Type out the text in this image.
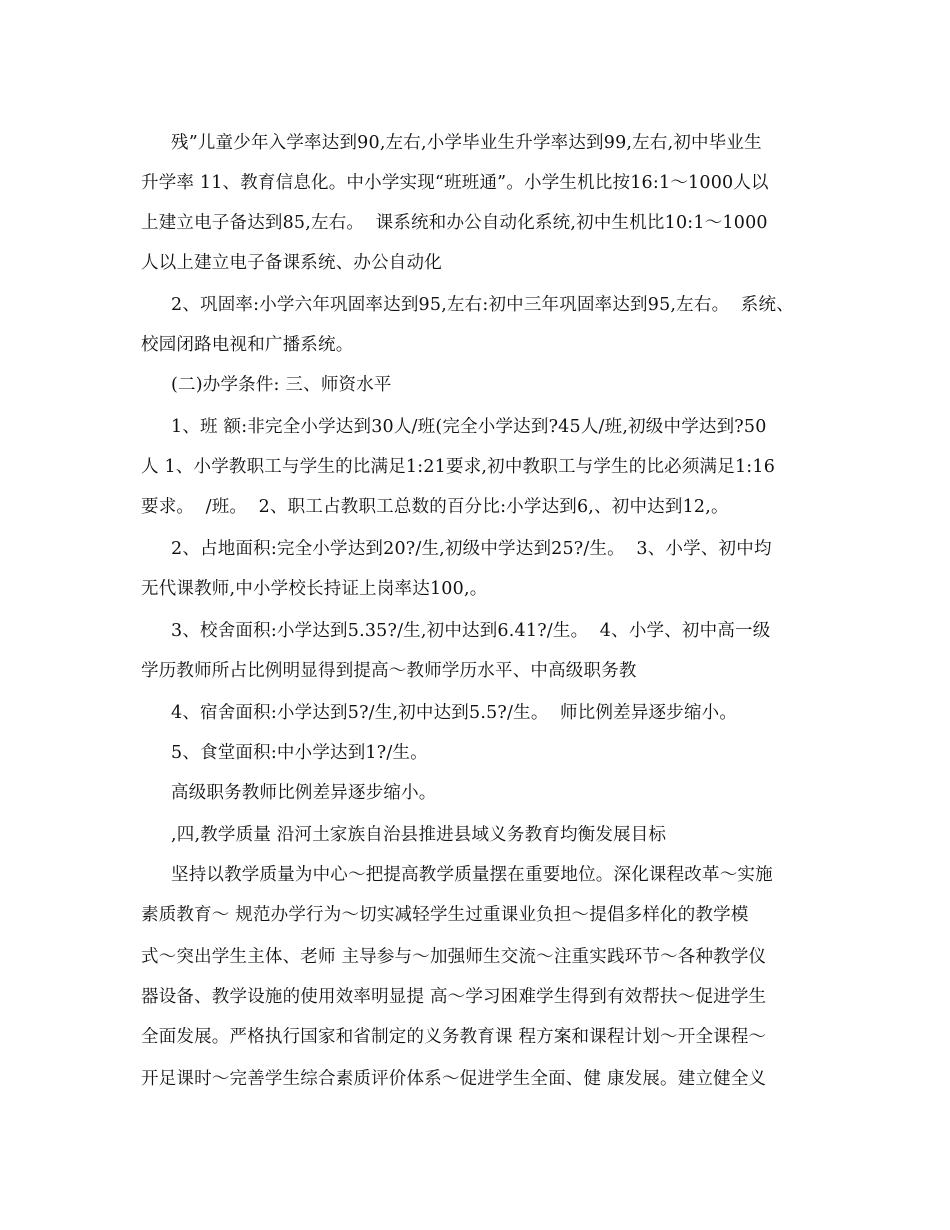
残”儿童少年入学率达到90,左右,小学毕业生升学率达到99,左右,初中毕业生
升学率 11、教育信息化。中小学实现“班班通”。小学生机比按16:1～1000人以
上建立电子备达到85,左右。  课系统和办公自动化系统,初中生机比10:1～1000
人以上建立电子备课系统、办公自动化
2、巩固率:小学六年巩固率达到95,左右:初中三年巩固率达到95,左右。  系统、
校园闭路电视和广播系统。
(二)办学条件: 三、师资水平
1、班 额:非完全小学达到30人/班(完全小学达到?45人/班,初级中学达到?50
人 1、小学教职工与学生的比满足1:21要求,初中教职工与学生的比必须满足1:16
要求。  /班。  2、职工占教职工总数的百分比:小学达到6,、初中达到12,。
2、占地面积:完全小学达到20?/生,初级中学达到25?/生。  3、小学、初中均
无代课教师,中小学校长持证上岗率达100,。
3、校舍面积:小学达到5.35?/生,初中达到6.41?/生。  4、小学、初中高一级
学历教师所占比例明显得到提高～教师学历水平、中高级职务教
4、宿舍面积:小学达到5?/生,初中达到5.5?/生。  师比例差异逐步缩小。
5、食堂面积:中小学达到1?/生。
高级职务教师比例差异逐步缩小。
,四,教学质量 沿河土家族自治县推进县域义务教育均衡发展目标
坚持以教学质量为中心～把提高教学质量摆在重要地位。深化课程改革～实施
素质教育～ 规范办学行为～切实减轻学生过重课业负担～提倡多样化的教学模
式～突出学生主体、老师 主导参与～加强师生交流～注重实践环节～各种教学仪
器设备、教学设施的使用效率明显提 高～学习困难学生得到有效帮扶～促进学生
全面发展。严格执行国家和省制定的义务教育课 程方案和课程计划～开全课程～
开足课时～完善学生综合素质评价体系～促进学生全面、健 康发展。建立健全义
